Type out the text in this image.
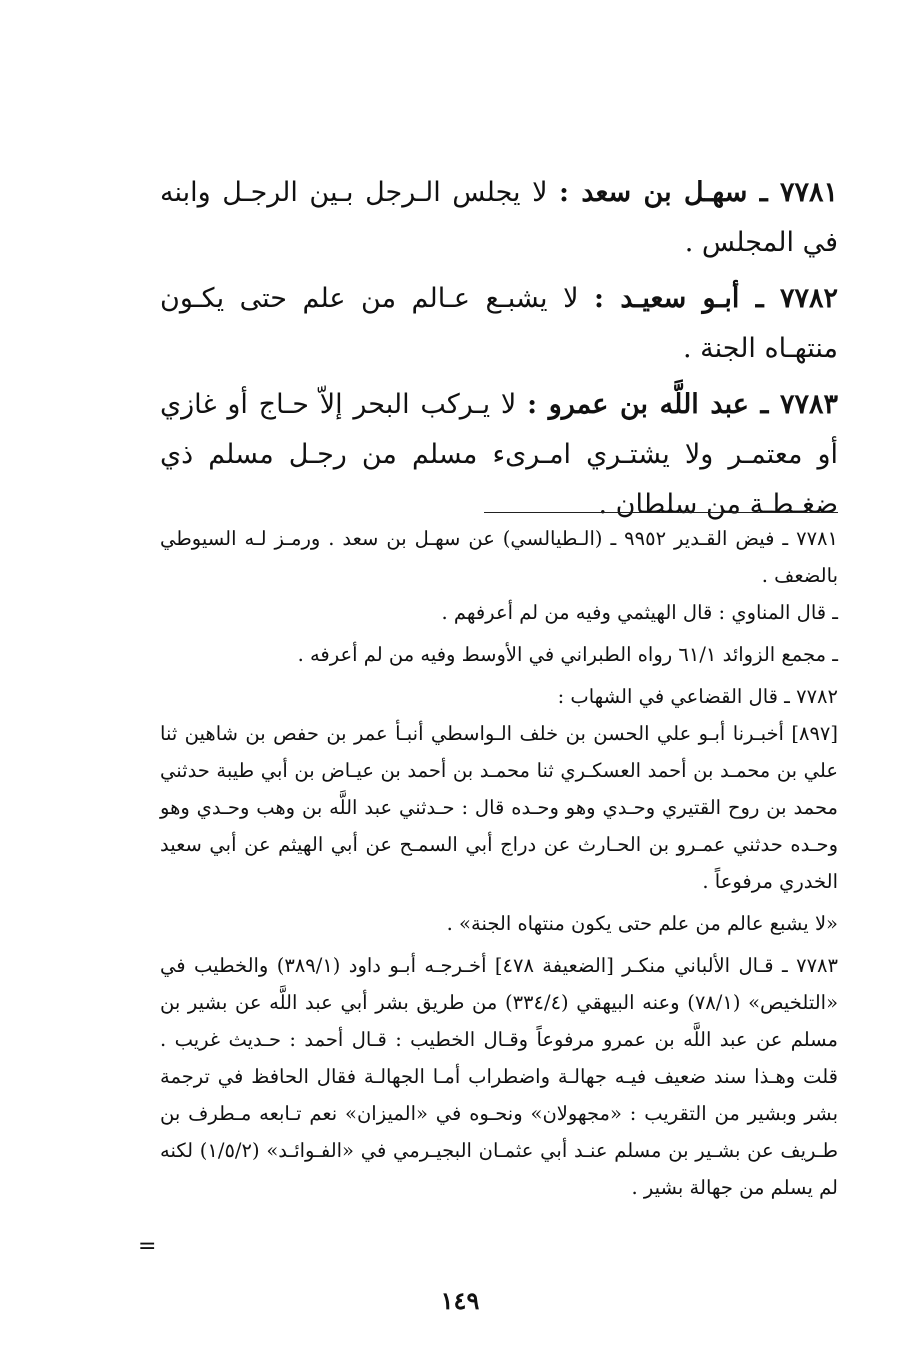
٧٧٨١ ـ سهـل بن سعد : لا يجلس الـرجل بـين الرجـل وابنه في المجلس .

٧٧٨٢ ـ أبـو سعيـد : لا يشبـع عـالم من علم حتى يكـون منتهـاه الجنة .

٧٧٨٣ ـ عبد اللَّه بن عمرو : لا يـركب البحر إلاّ حـاج أو غازي أو معتمـر ولا يشتـري امـرىء مسلم من رجـل مسلم ذي ضغـطـة من سلطان .

٧٧٨١ ـ فيض القـدير ٩٩٥٢ ـ (الـطيالسي) عن سهـل بن سعد . ورمـز لـه السيوطي بالضعف .

ـ قال المناوي : قال الهيثمي وفيه من لم أعرفهم .

ـ مجمع الزوائد ٦١/١ رواه الطبراني في الأوسط وفيه من لم أعرفه .

٧٧٨٢ ـ قال القضاعي في الشهاب :

[٨٩٧] أخبـرنا أبـو علي الحسن بن خلف الـواسطي أنبـأ عمر بن حفص بن شاهين ثنا علي بن محمـد بن أحمد العسكـري ثنا محمـد بن أحمد بن عيـاض بن أبي طيبة حدثني محمد بن روح القتيري وحـدي وهو وحـده قال : حـدثني عبد اللَّه بن وهب وحـدي وهو وحـده حدثني عمـرو بن الحـارث عن دراج أبي السمـح عن أبي الهيثم عن أبي سعيد الخدري مرفوعاً .

«لا يشبع عالم من علم حتى يكون منتهاه الجنة» .

٧٧٨٣ ـ قـال الألباني منكـر [الضعيفة ٤٧٨] أخـرجـه أبـو داود (٣٨٩/١) والخطيب في «التلخيص» (٧٨/١) وعنه البيهقي (٣٣٤/٤) من طريق بشر أبي عبد اللَّه عن بشير بن مسلم عن عبد اللَّه بن عمرو مرفوعاً وقـال الخطيب : قـال أحمد : حـديث غريب . قلت وهـذا سند ضعيف فيـه جهالـة واضطراب أمـا الجهالـة فقال الحافظ في ترجمة بشر وبشير من التقريب : «مجهولان» ونحـوه في «الميزان» نعم تـابعه مـطرف بن طـريف عن بشـير بن مسلم عنـد أبي عثمـان البجيـرمي في «الفـوائـد» (١/٥/٢) لكنه لم يسلم من جهالة بشير .

=
١٤٩
